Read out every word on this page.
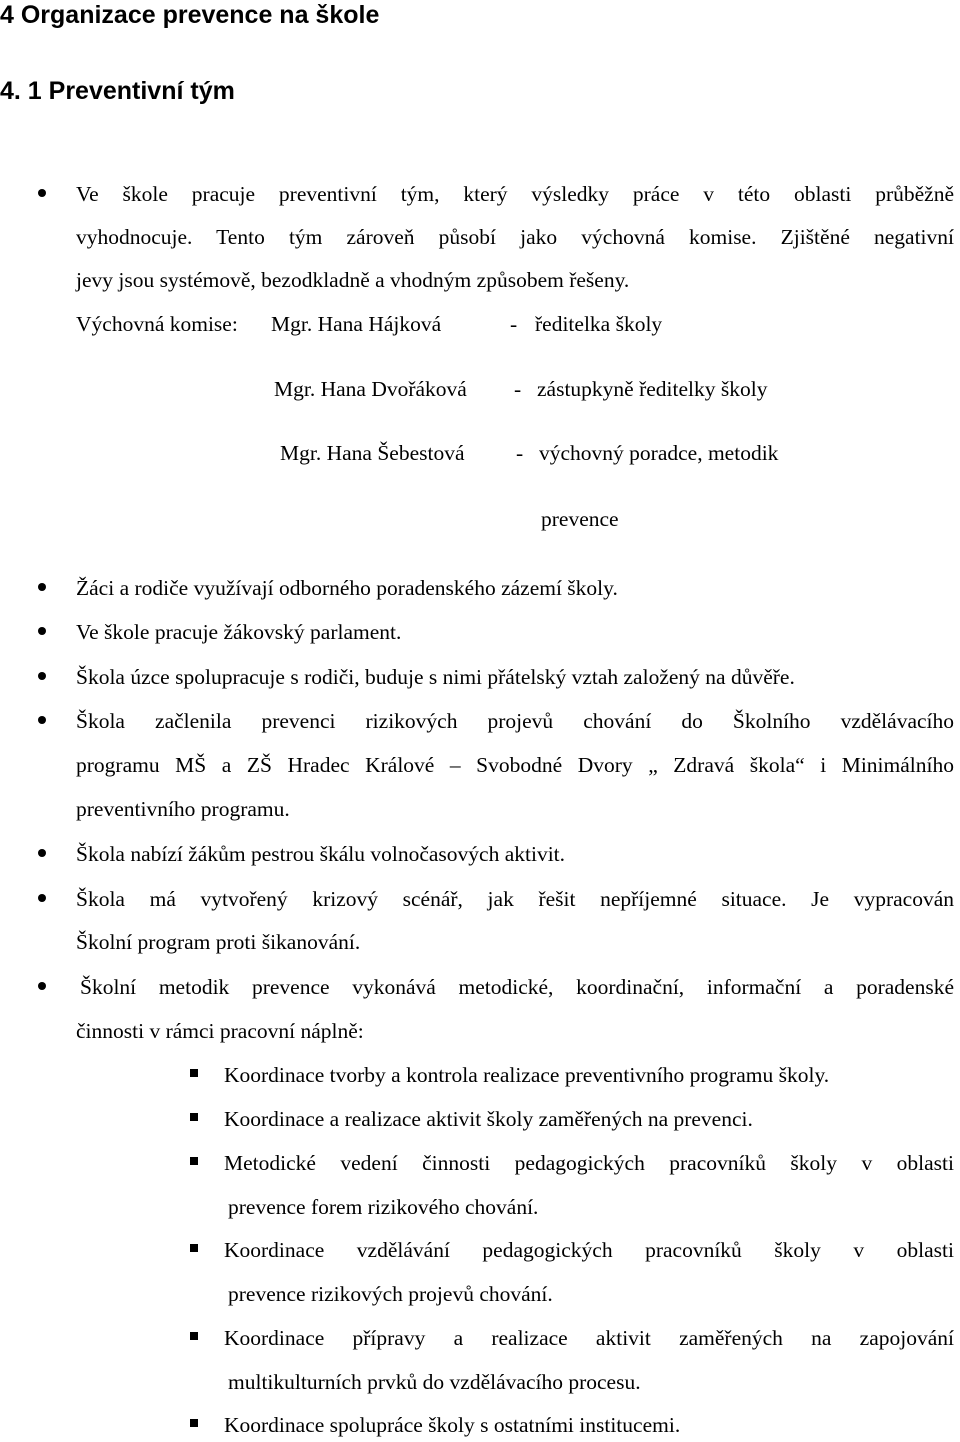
4 Organizace prevence na škole
4. 1 Preventivní tým
Ve škole pracuje preventivní tým, který výsledky práce v této oblasti průběžně
vyhodnocuje. Tento tým zároveň působí jako výchovná komise. Zjištěné negativní
jevy jsou systémově, bezodkladně a vhodným způsobem řešeny.
Výchovná komise: Mgr. Hana Hájková	- ředitelka školy
Mgr. Hana Dvořáková - zástupkyně ředitelky školy
Mgr. Hana Šebestová - výchovný poradce, metodik
prevence
Žáci a rodiče využívají odborného poradenského zázemí školy.
Ve škole pracuje žákovský parlament.
Škola úzce spolupracuje s rodiči, buduje s nimi přátelský vztah založený na důvěře.
Škola začlenila prevenci rizikových projevů chování do Školního vzdělávacího
programu MŠ a ZŠ Hradec Králové – Svobodné Dvory „ Zdravá škola“ i Minimálního
preventivního programu.
Škola nabízí žákům pestrou škálu volnočasových aktivit.
Škola má vytvořený krizový scénář, jak řešit nepříjemné situace. Je vypracován
Školní program proti šikanování.
Školní metodik prevence vykonává metodické, koordinační, informační a poradenské
činnosti v rámci pracovní náplně:
Koordinace tvorby a kontrola realizace preventivního programu školy.
Koordinace a realizace aktivit školy zaměřených na prevenci.
Metodické vedení činnosti pedagogických pracovníků školy v oblasti
prevence forem rizikového chování.
Koordinace vzdělávání pedagogických pracovníků školy v oblasti
prevence rizikových projevů chování.
Koordinace přípravy a realizace aktivit zaměřených na zapojování
multikulturních prvků do vzdělávacího procesu.
Koordinace spolupráce školy s ostatními institucemi.
